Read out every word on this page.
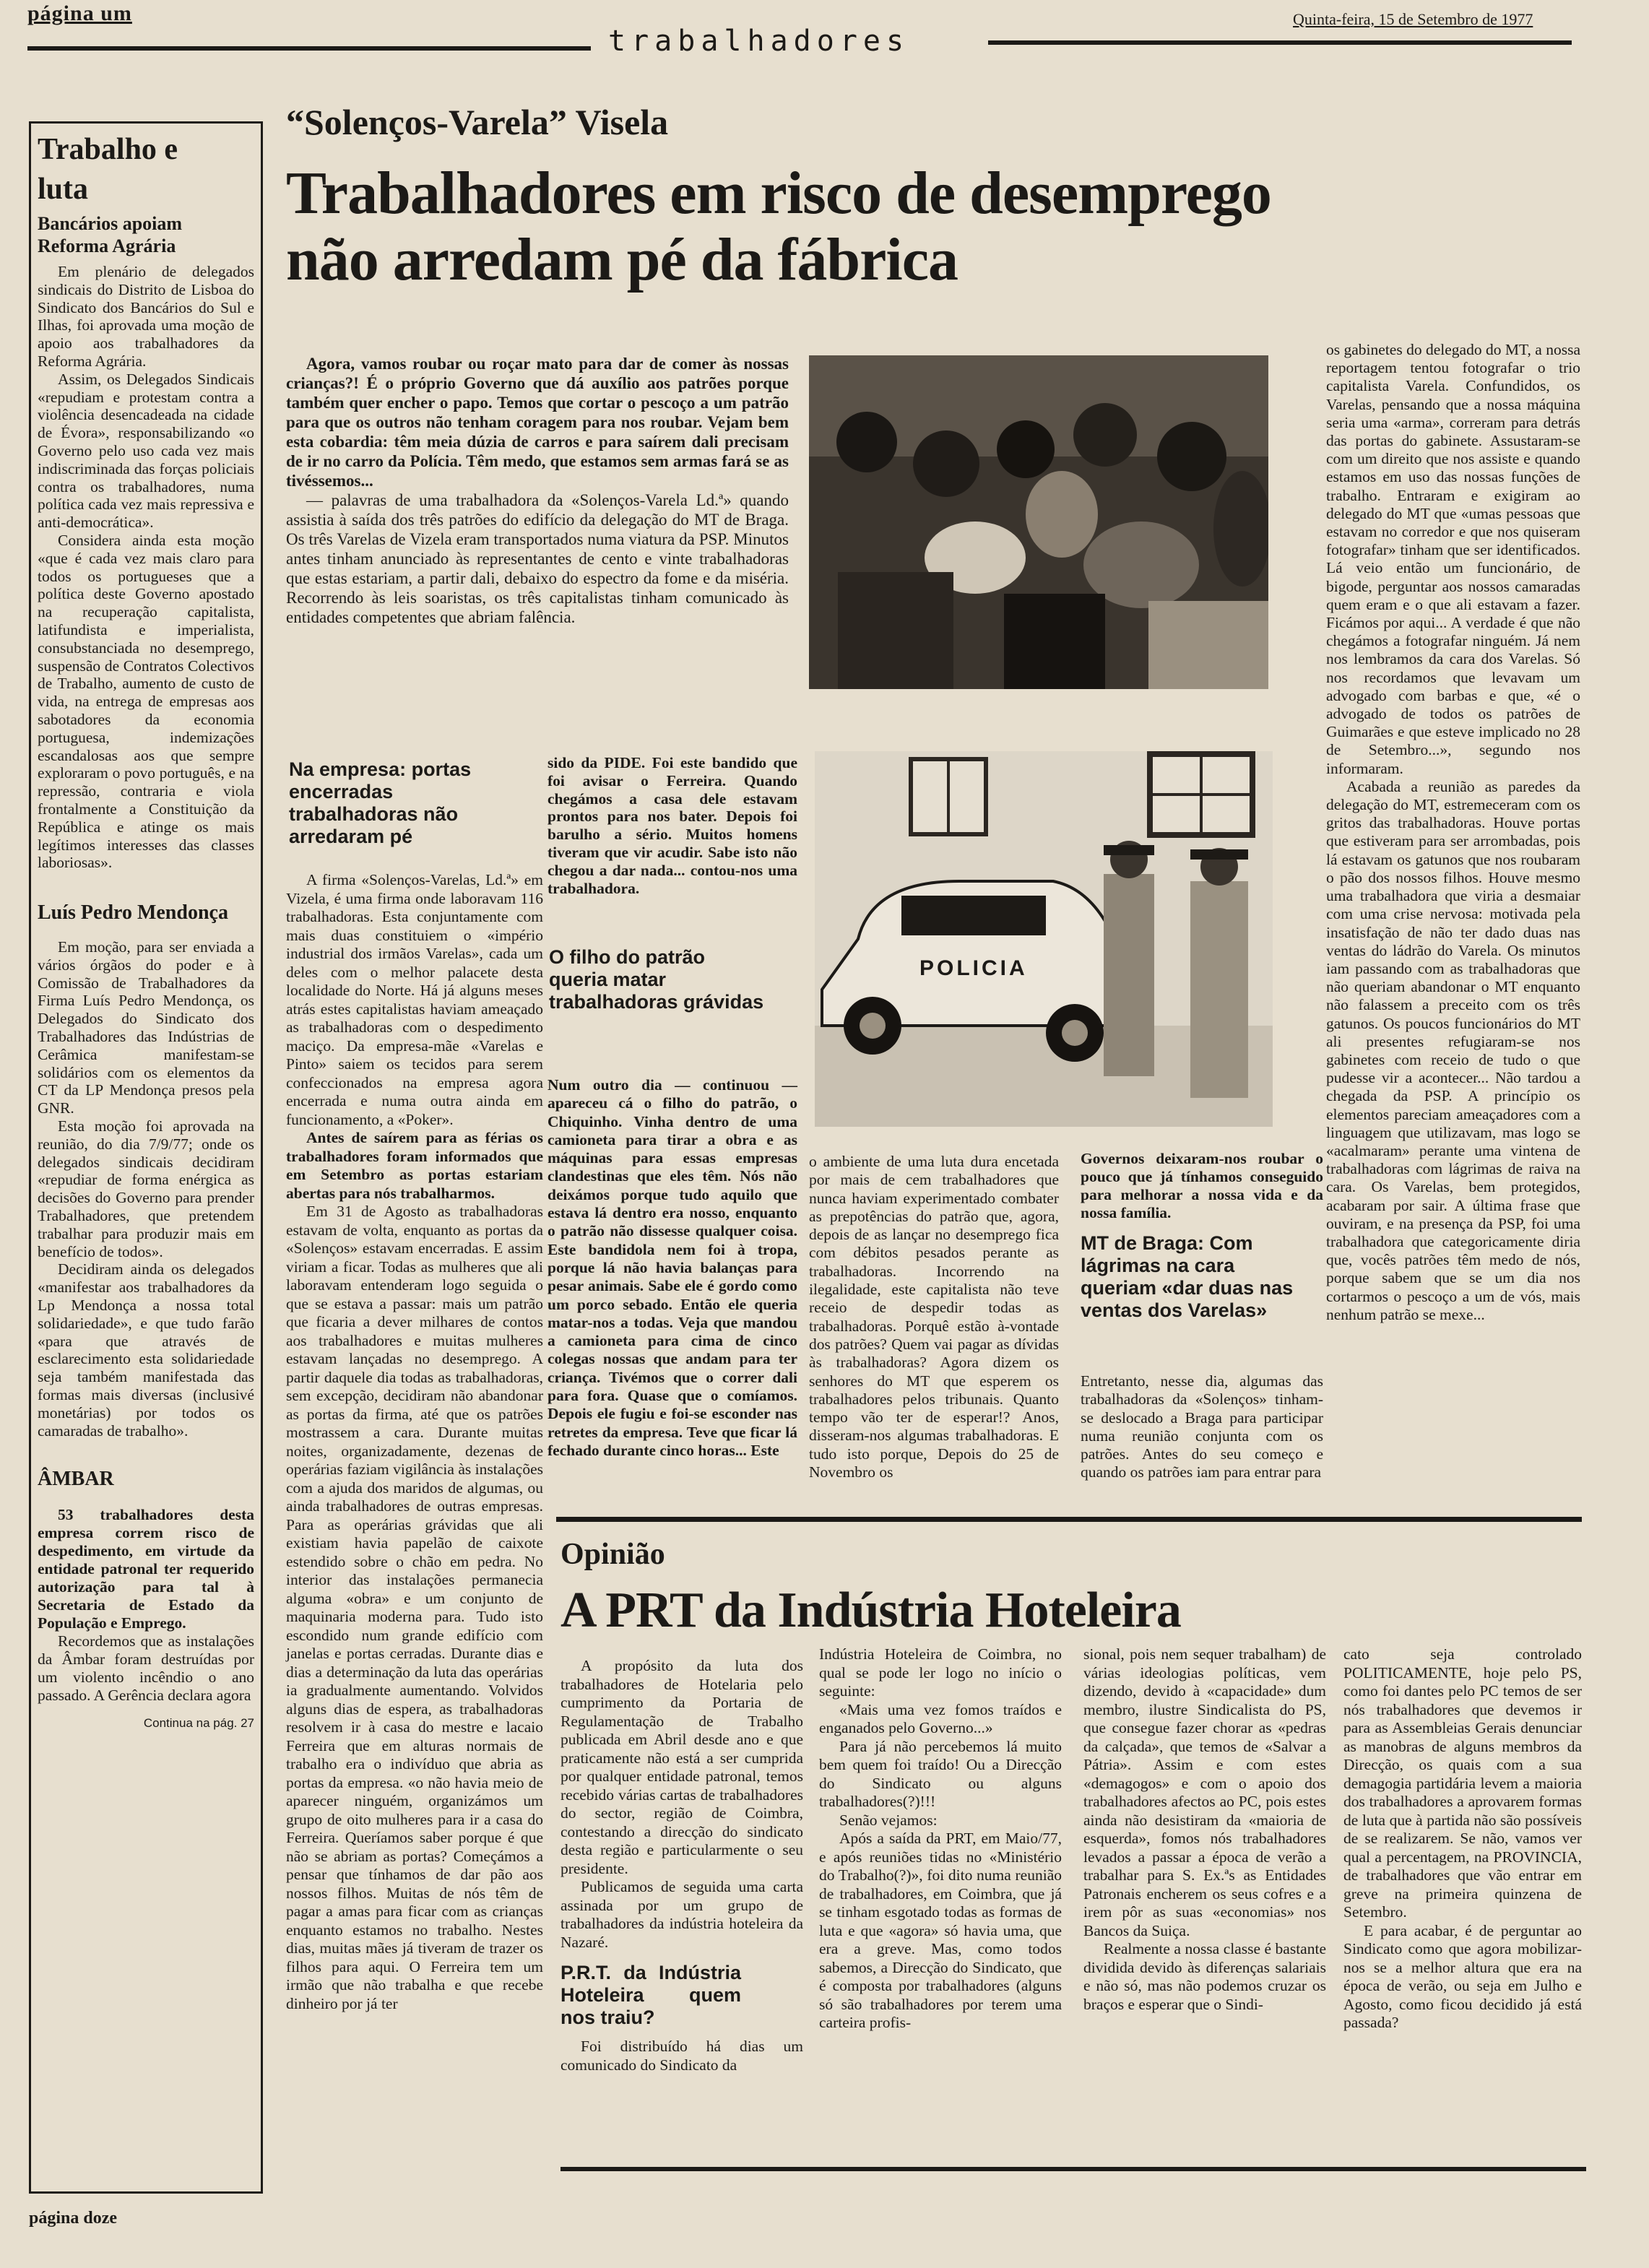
página um
trabalhadores
Quinta-feira, 15 de Setembro de 1977
Trabalho e luta
Bancários apoiam Reforma Agrária

Em plenário de delegados sindicais do Distrito de Lisboa do Sindicato dos Bancários do Sul e Ilhas, foi aprovada uma moção de apoio aos trabalhadores da Reforma Agrária.

Assim, os Delegados Sindicais «repudiam e protestam contra a violência desencadeada na cidade de Évora», responsabilizando «o Governo pelo uso cada vez mais indiscriminada das forças policiais contra os trabalhadores, numa política cada vez mais repressiva e anti-democrática».

Considera ainda esta moção «que é cada vez mais claro para todos os portugueses que a política deste Governo apostado na recuperação capitalista, latifundista e imperialista, consubstanciada no desemprego, suspensão de Contratos Colectivos de Trabalho, aumento de custo de vida, na entrega de empresas aos sabotadores da economia portuguesa, indemizações escandalosas aos que sempre exploraram o povo português, e na repressão, contraria e viola frontalmente a Constituição da República e atinge os mais legítimos interesses das classes laboriosas».

Luís Pedro Mendonça

Em moção, para ser enviada a vários órgãos do poder e à Comissão de Trabalhadores da Firma Luís Pedro Mendonça, os Delegados do Sindicato dos Trabalhadores das Indústrias de Cerâmica manifestam-se solidários com os elementos da CT da LP Mendonça presos pela GNR.

Esta moção foi aprovada na reunião, do dia 7/9/77; onde os delegados sindicais decidiram «repudiar de forma enérgica as decisões do Governo para prender Trabalhadores, que pretendem trabalhar para produzir mais em benefício de todos».

Decidiram ainda os delegados «manifestar aos trabalhadores da Lp Mendonça a nossa total solidariedade», e que tudo farão «para que através de esclarecimento esta solidariedade seja também manifestada das formas mais diversas (inclusivé monetárias) por todos os camaradas de trabalho».

ÂMBAR

53 trabalhadores desta empresa correm risco de despedimento, em virtude da entidade patronal ter requerido autorização para tal à Secretaria de Estado da População e Emprego.

Recordemos que as instalações da Âmbar foram destruídas por um violento incêndio o ano passado. A Gerência declara agora

Continua na pág. 27
“Solenços-Varela” Visela
Trabalhadores em risco de desemprego
não arredam pé da fábrica

Agora, vamos roubar ou roçar mato para dar de comer às nossas crianças?! É o próprio Governo que dá auxílio aos patrões porque também quer encher o papo. Temos que cortar o pescoço a um patrão para que os outros não tenham coragem para nos roubar. Vejam bem esta cobardia: têm meia dúzia de carros e para saírem dali precisam de ir no carro da Polícia. Têm medo, que estamos sem armas fará se as tivéssemos...

— palavras de uma trabalhadora da «Solenços-Varela Ld.ª» quando assistia à saída dos três patrões do edifício da delegação do MT de Braga. Os três Varelas de Vizela eram transportados numa viatura da PSP. Minutos antes tinham anunciado às representantes de cento e vinte trabalhadoras que estas estariam, a partir dali, debaixo do espectro da fome e da miséria. Recorrendo às leis soaristas, os três capitalistas tinham comunicado às entidades competentes que abriam falência.

POLICIA

os gabinetes do delegado do MT, a nossa reportagem tentou fotografar o trio capitalista Varela. Confundidos, os Varelas, pensando que a nossa máquina seria uma «arma», correram para detrás das portas do gabinete. Assustaram-se com um direito que nos assiste e quando estamos em uso das nossas funções de trabalho. Entraram e exigiram ao delegado do MT que «umas pessoas que estavam no corredor e que nos quiseram fotografar» tinham que ser identificados. Lá veio então um funcionário, de bigode, perguntar aos nossos camaradas quem eram e o que ali estavam a fazer. Ficámos por aqui... A verdade é que não chegámos a fotografar ninguém. Já nem nos lembramos da cara dos Varelas. Só nos recordamos que levavam um advogado com barbas e que, «é o advogado de todos os patrões de Guimarães e que esteve implicado no 28 de Setembro...», segundo nos informaram.

Acabada a reunião as paredes da delegação do MT, estremeceram com os gritos das trabalhadoras. Houve portas que estiveram para ser arrombadas, pois lá estavam os gatunos que nos roubaram o pão dos nossos filhos. Houve mesmo uma trabalhadora que viria a desmaiar com uma crise nervosa: motivada pela insatisfação de não ter dado duas nas ventas do ládrão do Varela. Os minutos iam passando com as trabalhadoras que não queriam abandonar o MT enquanto não falassem a preceito com os três gatunos. Os poucos funcionários do MT ali presentes refugiaram-se nos gabinetes com receio de tudo o que pudesse vir a acontecer... Não tardou a chegada da PSP. A princípio os elementos pareciam ameaçadores com a linguagem que utilizavam, mas logo se «acalmaram» perante uma vintena de trabalhadoras com lágrimas de raiva na cara. Os Varelas, bem protegidos, acabaram por sair. A última frase que ouviram, e na presença da PSP, foi uma trabalhadora que categoricamente diria que, vocês patrões têm medo de nós, porque sabem que se um dia nos cortarmos o pescoço a um de vós, mais nenhum patrão se mexe...

Na empresa: portas encerradas trabalhadoras não arredaram pé

A firma «Solenços-Varelas, Ld.ª» em Vizela, é uma firma onde laboravam 116 trabalhadoras. Esta conjuntamente com mais duas constituiem o «império industrial dos irmãos Varelas», cada um deles com o melhor palacete desta localidade do Norte. Há já alguns meses atrás estes capitalistas haviam ameaçado as trabalhadoras com o despedimento maciço. Da empresa-mãe «Varelas e Pinto» saiem os tecidos para serem confeccionados na empresa agora encerrada e numa outra ainda em funcionamento, a «Poker».

Antes de saírem para as férias os trabalhadores foram informados que em Setembro as portas estariam abertas para nós trabalharmos.

Em 31 de Agosto as trabalhadoras estavam de volta, enquanto as portas da «Solenços» estavam encerradas. E assim viriam a ficar. Todas as mulheres que ali laboravam entenderam logo seguida o que se estava a passar: mais um patrão que ficaria a dever milhares de contos aos trabalhadores e muitas mulheres estavam lançadas no desemprego. A partir daquele dia todas as trabalhadoras, sem excepção, decidiram não abandonar as portas da firma, até que os patrões mostrassem a cara. Durante muitas noites, organizadamente, dezenas de operárias faziam vigilância às instalações com a ajuda dos maridos de algumas, ou ainda trabalhadores de outras empresas. Para as operárias grávidas que ali existiam havia papelão de caixote estendido sobre o chão em pedra. No interior das instalações permanecia alguma «obra» e um conjunto de maquinaria moderna para. Tudo isto escondido num grande edifício com janelas e portas cerradas. Durante dias e dias a determinação da luta das operárias ia gradualmente aumentando. Volvidos alguns dias de espera, as trabalhadoras resolvem ir à casa do mestre e lacaio Ferreira que em alturas normais de trabalho era o indivíduo que abria as portas da empresa. «o não havia meio de aparecer ninguém, organizámos um grupo de oito mulheres para ir a casa do Ferreira. Queríamos saber porque é que não se abriam as portas? Começámos a pensar que tínhamos de dar pão aos nossos filhos. Muitas de nós têm de pagar a amas para ficar com as crianças enquanto estamos no trabalho. Nestes dias, muitas mães já tiveram de trazer os filhos para aqui. O Ferreira tem um irmão que não trabalha e que recebe dinheiro por já ter

sido da PIDE. Foi este bandido que foi avisar o Ferreira. Quando chegámos a casa dele estavam prontos para nos bater. Depois foi barulho a sério. Muitos homens tiveram que vir acudir. Sabe isto não chegou a dar nada... contou-nos uma trabalhadora.
O filho do patrão queria matar trabalhadoras grávidas
Num outro dia — continuou — apareceu cá o filho do patrão, o Chiquinho. Vinha dentro de uma camioneta para tirar a obra e as máquinas para essas empresas clandestinas que eles têm. Nós não deixámos porque tudo aquilo que estava lá dentro era nosso, enquanto o patrão não dissesse qualquer coisa. Este bandidola nem foi à tropa, porque lá não havia balanças para pesar animais. Sabe ele é gordo como um porco sebado. Então ele queria matar-nos a todas. Veja que mandou a camioneta para cima de cinco colegas nossas que andam para ter criança. Tivémos que o correr dali para fora. Quase que o comíamos. Depois ele fugiu e foi-se esconder nas retretes da empresa. Teve que ficar lá fechado durante cinco horas... Este
o ambiente de uma luta dura encetada por mais de cem trabalhadores que nunca haviam experimentado combater as prepotências do patrão que, agora, depois de as lançar no desemprego fica com débitos pesados perante as trabalhadoras. Incorrendo na ilegalidade, este capitalista não teve receio de despedir todas as trabalhadoras. Porquê estão à-vontade dos patrões? Quem vai pagar as dívidas às trabalhadoras? Agora dizem os senhores do MT que esperem os trabalhadores pelos tribunais. Quanto tempo vão ter de esperar!? Anos, disseram-nos algumas trabalhadoras. E tudo isto porque, Depois do 25 de Novembro os
Governos deixaram-nos roubar o pouco que já tínhamos conseguido para melhorar a nossa vida e da nossa família.
MT de Braga: Com lágrimas na cara queriam «dar duas nas ventas dos Varelas»
Entretanto, nesse dia, algumas das trabalhadoras da «Solenços» tinham-se deslocado a Braga para participar numa reunião conjunta com os patrões. Antes do seu começo e quando os patrões iam para entrar para
Opinião
A PRT da Indústria Hoteleira

A propósito da luta dos trabalhadores de Hotelaria pelo cumprimento da Portaria de Regulamentação de Trabalho publicada em Abril desde ano e que praticamente não está a ser cumprida por qualquer entidade patronal, temos recebido várias cartas de trabalhadores do sector, região de Coimbra, contestando a direcção do sindicato desta região e particularmente o seu presidente.

Publicamos de seguida uma carta assinada por um grupo de trabalhadores da indústria hoteleira da Nazaré.

P.R.T. da Indústria Hoteleira quem nos traiu?

Foi distribuído há dias um comunicado do Sindicato da

Indústria Hoteleira de Coimbra, no qual se pode ler logo no início o seguinte:

«Mais uma vez fomos traídos e enganados pelo Governo...»

Para já não percebemos lá muito bem quem foi traído! Ou a Direcção do Sindicato ou alguns trabalhadores(?)!!!

Senão vejamos:

Após a saída da PRT, em Maio/77, e após reuniões tidas no «Ministério do Trabalho(?)», foi dito numa reunião de trabalhadores, em Coimbra, que já se tinham esgotado todas as formas de luta e que «agora» só havia uma, que era a greve. Mas, como todos sabemos, a Direcção do Sindicato, que é composta por trabalhadores (alguns só são trabalhadores por terem uma carteira profis-

sional, pois nem sequer trabalham) de várias ideologias políticas, vem dizendo, devido à «capacidade» dum membro, ilustre Sindicalista do PS, que consegue fazer chorar as «pedras da calçada», que temos de «Salvar a Pátria». Assim e com estes «demagogos» e com o apoio dos trabalhadores afectos ao PC, pois estes ainda não desistiram da «maioria de esquerda», fomos nós trabalhadores levados a passar a época de verão a trabalhar para S. Ex.ªs as Entidades Patronais encherem os seus cofres e a irem pôr as suas «economias» nos Bancos da Suiça.

Realmente a nossa classe é bastante dividida devido às diferenças salariais e não só, mas não podemos cruzar os braços e esperar que o Sindi-

cato seja controlado POLITICAMENTE, hoje pelo PS, como foi dantes pelo PC temos de ser nós trabalhadores que devemos ir para as Assembleias Gerais denunciar as manobras de alguns membros da Direcção, os quais com a sua demagogia partidária levem a maioria dos trabalhadores a aprovarem formas de luta que à partida não são possíveis de se realizarem. Se não, vamos ver qual a percentagem, na PROVINCIA, de trabalhadores que vão entrar em greve na primeira quinzena de Setembro.

E para acabar, é de perguntar ao Sindicato como que agora mobilizar-nos se a melhor altura que era na época de verão, ou seja em Julho e Agosto, como ficou decidido já está passada?

página doze
